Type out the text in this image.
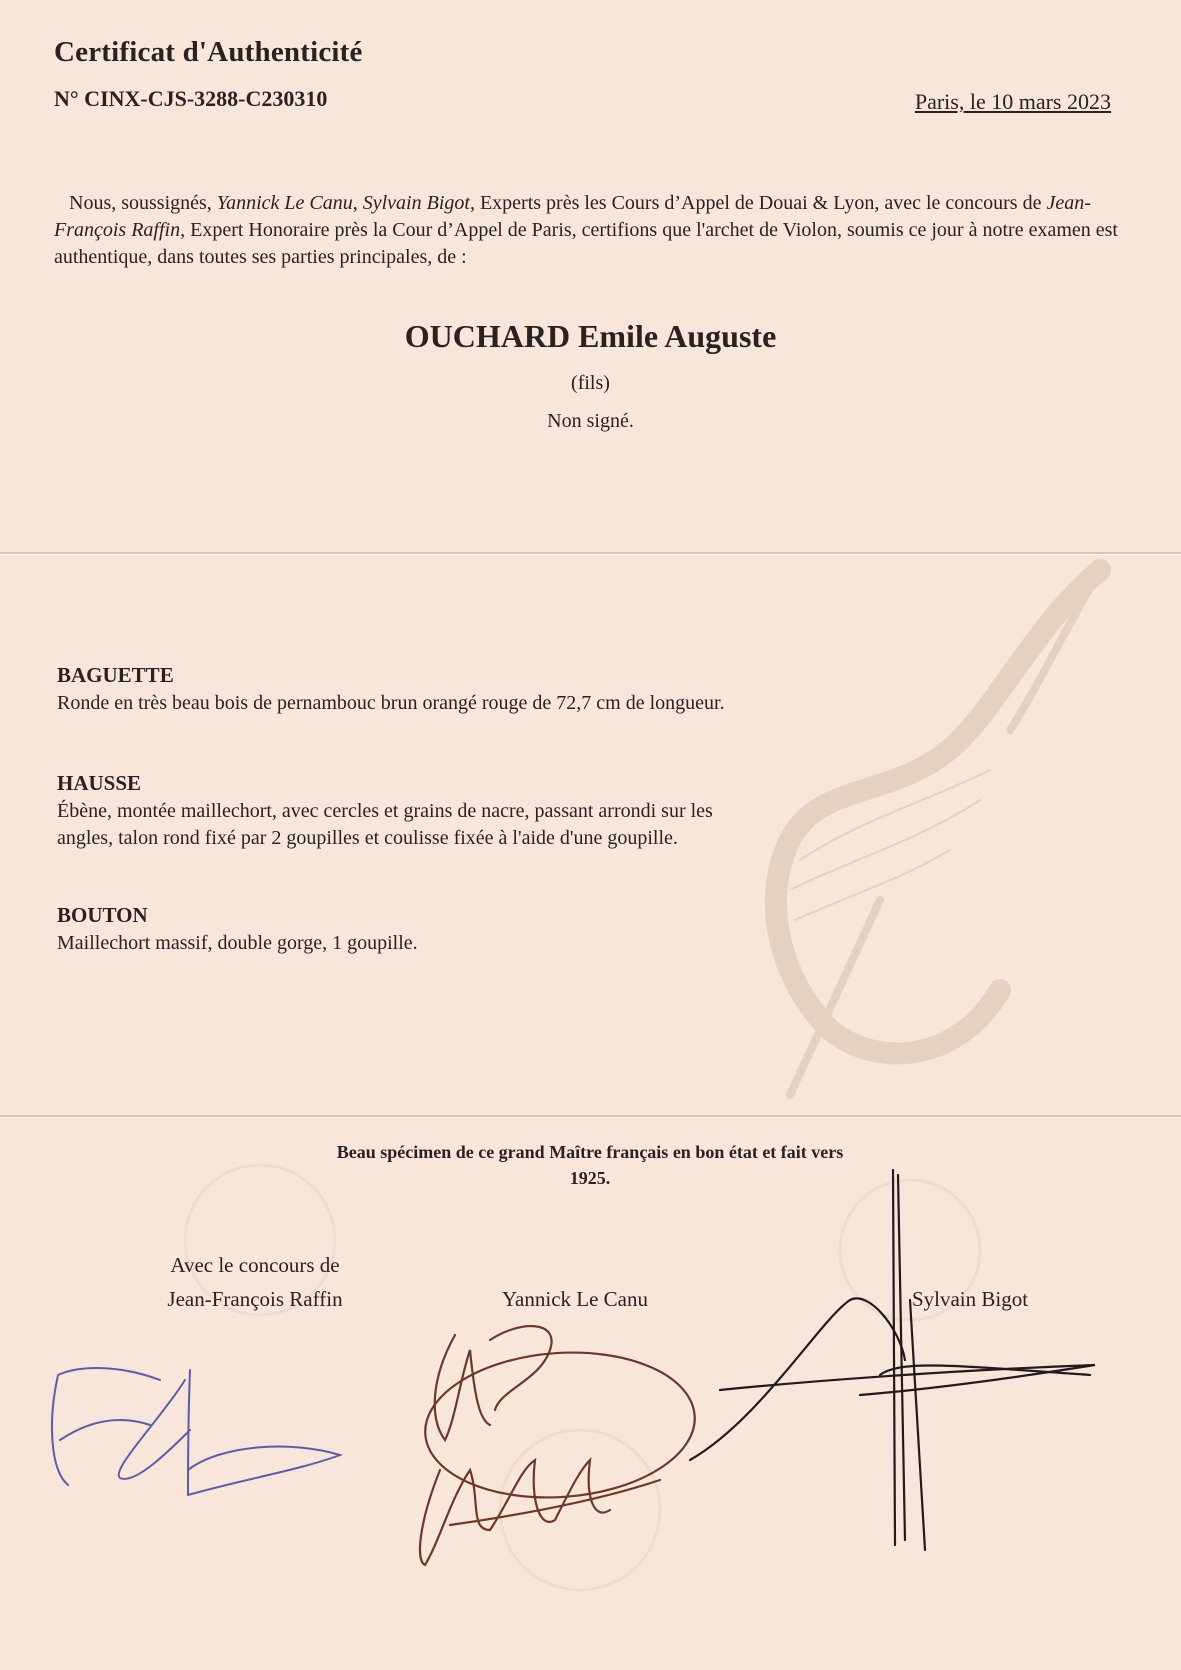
Certificat d'Authenticité
N° CINX-CJS-3288-C230310	Paris, le 10 mars 2023
Nous, soussignés, Yannick Le Canu, Sylvain Bigot, Experts près les Cours d’Appel de Douai & Lyon, avec le concours de Jean-François Raffin, Expert Honoraire près la Cour d’Appel de Paris, certifions que l'archet de Violon, soumis ce jour à notre examen est authentique, dans toutes ses parties principales, de :
OUCHARD Emile Auguste
(fils)
Non signé.
BAGUETTE

Ronde en très beau bois de pernambouc brun orangé rouge de 72,7 cm de longueur.

HAUSSE

Ébène, montée maillechort, avec cercles et grains de nacre, passant arrondi sur les angles, talon rond fixé par 2 goupilles et coulisse fixée à l'aide d'une goupille.

BOUTON

Maillechort massif, double gorge, 1 goupille.

Beau spécimen de ce grand Maître français en bon état et fait vers
1925.
Avec le concours de
Jean-François Raffin	Yannick Le Canu	Sylvain Bigot
